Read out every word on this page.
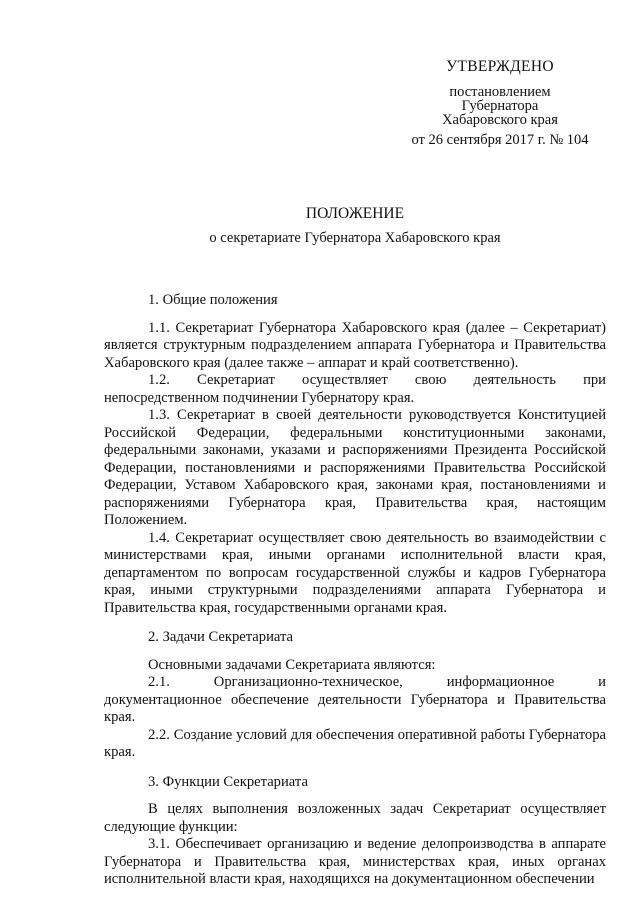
УТВЕРЖДЕНО
постановлением
Губернатора
Хабаровского края
от 26 сентября 2017 г. № 104
ПОЛОЖЕНИЕ
о секретариате Губернатора Хабаровского края

1. Общие положения

1.1. Секретариат Губернатора Хабаровского края (далее – Секретариат) является структурным подразделением аппарата Губернатора и Правительства Хабаровского края (далее также – аппарат и край соответственно).

1.2. Секретариат осуществляет свою деятельность при непосредственном подчинении Губернатору края.

1.3. Секретариат в своей деятельности руководствуется Конституцией Российской Федерации, федеральными конституционными законами, федеральными законами, указами и распоряжениями Президента Российской Федерации, постановлениями и распоряжениями Правительства Российской Федерации, Уставом Хабаровского края, законами края, постановлениями и распоряжениями Губернатора края, Правительства края, настоящим Положением.

1.4. Секретариат осуществляет свою деятельность во взаимодействии с министерствами края, иными органами исполнительной власти края, департаментом по вопросам государственной службы и кадров Губернатора края, иными структурными подразделениями аппарата Губернатора и Правительства края, государственными органами края.

2. Задачи Секретариата

Основными задачами Секретариата являются:

2.1. Организационно-техническое, информационное и документационное обеспечение деятельности Губернатора и Правительства края.

2.2. Создание условий для обеспечения оперативной работы Губернатора края.

3. Функции Секретариата

В целях выполнения возложенных задач Секретариат осуществляет следующие функции:

3.1. Обеспечивает организацию и ведение делопроизводства в аппарате Губернатора и Правительства края, министерствах края, иных органах исполнительной власти края, находящихся на документационном обеспечении
